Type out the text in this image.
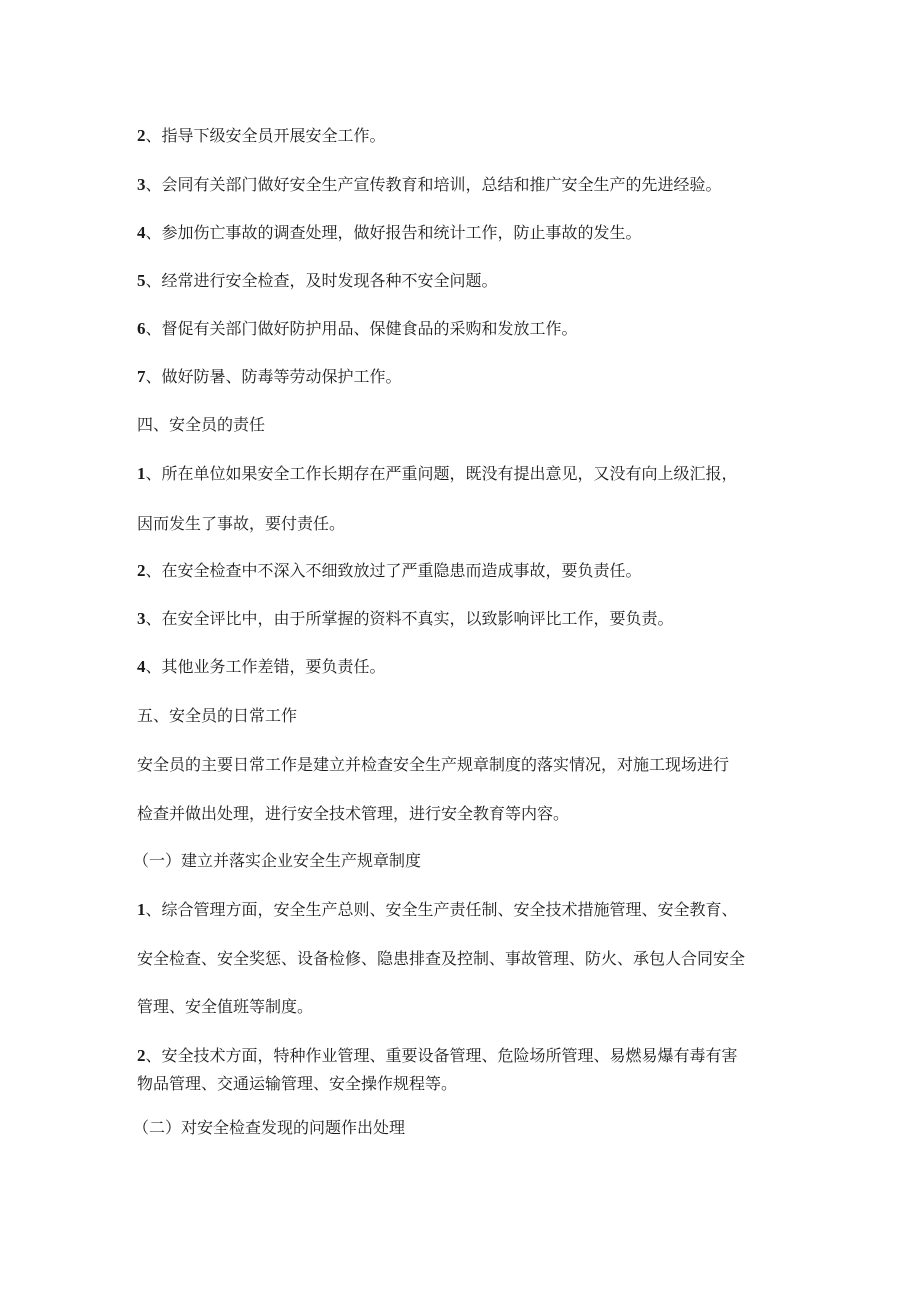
2、指导下级安全员开展安全工作。

3、会同有关部门做好安全生产宣传教育和培训，总结和推广安全生产的先进经验。

4、参加伤亡事故的调查处理，做好报告和统计工作，防止事故的发生。

5、经常进行安全检查，及时发现各种不安全问题。

6、督促有关部门做好防护用品、保健食品的采购和发放工作。

7、做好防暑、防毒等劳动保护工作。

四、安全员的责任

1、所在单位如果安全工作长期存在严重问题，既没有提出意见，又没有向上级汇报，

因而发生了事故，要付责任。

2、在安全检查中不深入不细致放过了严重隐患而造成事故，要负责任。

3、在安全评比中，由于所掌握的资料不真实，以致影响评比工作，要负责。

4、其他业务工作差错，要负责任。

五、安全员的日常工作

安全员的主要日常工作是建立并检查安全生产规章制度的落实情况，对施工现场进行

检查并做出处理，进行安全技术管理，进行安全教育等内容。

（一）建立并落实企业安全生产规章制度

1、综合管理方面，安全生产总则、安全生产责任制、安全技术措施管理、安全教育、

安全检查、安全奖惩、设备检修、隐患排查及控制、事故管理、防火、承包人合同安全

管理、安全值班等制度。

2、安全技术方面，特种作业管理、重要设备管理、危险场所管理、易燃易爆有毒有害

物品管理、交通运输管理、安全操作规程等。

（二）对安全检查发现的问题作出处理
